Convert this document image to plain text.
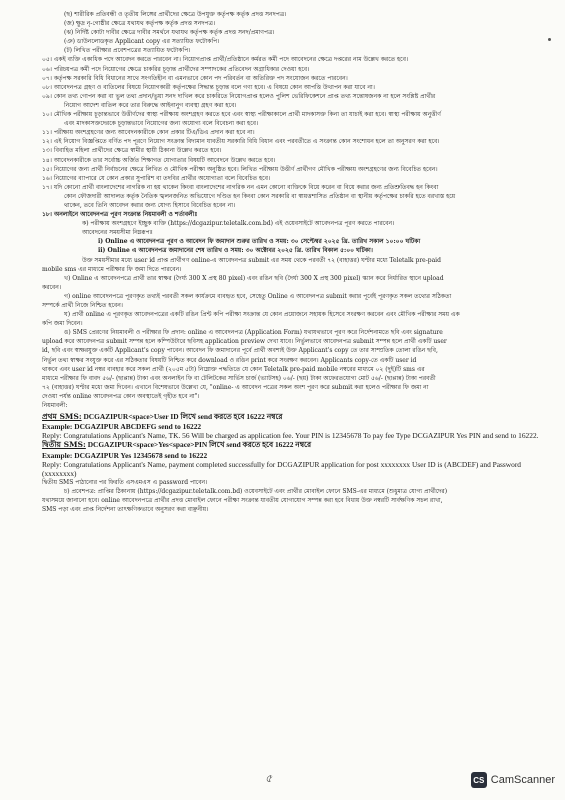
(ছ) শারীরিক প্রতিবন্ধী ও তৃতীয় লিঙ্গের প্রার্থীদের ক্ষেত্রে উপযুক্ত কর্তৃপক্ষ কর্তৃক প্রদত্ত সনদপত্র।
(জ) ক্ষুদ্র নৃ-গোষ্ঠীর ক্ষেত্রে যথাযথ কর্তৃপক্ষ কর্তৃক প্রদত্ত সনদপত্র।
(ঝ) নির্দিষ্ট কোটা দাবীর ক্ষেত্রে দাবীর সমর্থনে যথাযথ কর্তৃপক্ষ কর্তৃক প্রদত্ত সনদ/প্রমাণপত্র।
(ঞ) ডাউনলোডকৃত Applicant copy এর সত্যায়িত ফটোকপি।
(ট) লিখিত পরীক্ষার প্রবেশপত্রের সত্যায়িত ফটোকপি।
০৫। একই ব্যক্তি একাধিক পদে আবেদন করতে পারবেন না। নিয়োগপ্রাপ্ত প্রার্থী/প্রতিষ্ঠানে কর্মরত কর্মী পদে আবেদনের ক্ষেত্রে দপ্তরের নাম উল্লেখ করতে হবে।
০৬। পরিচয়পত্র কর্মী পদে নিয়োগের ক্ষেত্রে চাকরির চূড়ান্ত প্রার্থীদের সম্পাদকের প্রতিবেদন অগ্রাধিকার দেওয়া হবে।
০৭। কর্তৃপক্ষ সরকারি বিধি বিধানের সাথে সংগতিহীন বা এমনভাবে কোন পদ পরিবর্তন বা অতিরিক্ত পদ সংযোজন করতে পারবেন।
০৮। আবেদনপত্র গ্রহণ ও বাতিলের বিষয়ে নিয়োগকারী কর্তৃপক্ষের সিদ্ধান্ত চূড়ান্ত বলে গণ্য হবে। এ বিষয়ে কোন আপত্তি উত্থাপন করা যাবে না।
০৯। কোন তথ্য গোপন করা বা ভুল তথ্য প্রদান/ভুয়া সনদ দাখিল করে চাকরিতে নিয়োগপ্রাপ্ত হলেও পুলিশ ভেরিফিকেশনে প্রাপ্ত তথ্য সন্তোষজনক না হলে সংশ্লিষ্ট প্রার্থীর
নিয়োগ আদেশ বাতিল করে তার বিরুদ্ধে আইনানুগ ব্যবস্থা গ্রহণ করা হবে।
১০। মৌখিক পরীক্ষায় চূড়ান্তভাবে উত্তীর্ণদের স্বাস্থ্য পরীক্ষায় অংশগ্রহণ করতে হবে এবং স্বাস্থ্য পরীক্ষাকালে প্রার্থী মাদকাসক্ত কিনা তা যাচাই করা হবে। স্বাস্থ্য পরীক্ষায় অনুত্তীর্ণ
এবং মাদকাসক্তদেরকে চূড়ান্তভাবে নিয়োগের জন্য অযোগ্য বলে বিবেচনা করা হবে।
১১। পরীক্ষায় অংশগ্রহণের জন্য আবেদনকারীকে কোন প্রকার টিএ/ডিএ প্রদান করা হবে না।
১২। এই নিয়োগ বিজ্ঞপ্তিতে বর্ণিত পদ পূরণে নিয়োগ সংক্রান্ত বিদ্যমান যাবতীয় সরকারি বিধি বিধান এবং পরবর্তীতে এ সংক্রান্ত কোন সংশোধন হলে তা অনুসরণ করা হবে।
১৩। বিবাহিত মহিলা প্রার্থীদের ক্ষেত্রে স্বামীর স্থায়ী ঠিকানা উল্লেখ করতে হবে।
১৪। আবেদনকারীকে তার সর্বোচ্চ অর্জিত শিক্ষাগত যোগ্যতার বিষয়টি আবেদনে উল্লেখ করতে হবে।
১৫। নিয়োগের জন্য প্রার্থী নির্বাচনের ক্ষেত্রে লিখিত ও মৌখিক পরীক্ষা অনুষ্ঠিত হবে। লিখিত পরীক্ষায় উত্তীর্ণ প্রার্থীগণ মৌখিক পরীক্ষায় অংশগ্রহণের জন্য বিবেচিত হবেন।
১৬। নিয়োগের ব্যাপারে যে কোন প্রকার সুপারিশ বা তদবির প্রার্থীর অযোগ্যতা বলে বিবেচিত হবে।
১৭। যদি কোনো প্রার্থী বাংলাদেশের নাগরিক না হয় থাকেন কিংবা বাংলাদেশের নাগরিক নন এমন কোনো ব্যক্তিকে বিয়ে করেন বা বিয়ে করার জন্য প্রতিশ্রুতিবদ্ধ হন কিংবা
কোন ফৌজদারী আদালত কর্তৃক নৈতিক স্খলনজনিত অভিযোগে দণ্ডিত হন কিংবা কোন সরকারি বা স্বায়ত্তশাসিত প্রতিষ্ঠান বা স্থানীয় কর্তৃপক্ষের চাকরি হতে বরখাস্ত হয়ে
থাকেন, তবে তিনি আবেদন করার জন্য যোগ্য হিসাবে বিবেচিত হবেন না।
১৮। অনলাইনে আবেদনপত্র পূরণ সংক্রান্ত নিয়মাবলী ও শর্তাবলীঃ
ক) পরীক্ষায় অংশগ্রহণে ইচ্ছুক ব্যক্তি (https://dcgazipur.teletalk.com.bd) এই ওয়েবসাইটে আবেদনপত্র পূরণ করতে পারবেন।
আবেদনের সময়সীমা নিম্নরূপঃ
i) Online এ আবেদনপত্র পূরণ ও আবেদন ফি জমাদান শুরুর তারিখ ও সময়: ৩০ সেপ্টেম্বর ২০২৫ খ্রি. তারিখ সকাল ১০:০০ ঘটিকা
ii) Online এ আবেদনপত্র জমাদানের শেষ তারিখ ও সময়: ৩০ অক্টোবর ২০২৫ খ্রি. তারিখ বিকাল ৫:০০ ঘটিকা।
উক্ত সময়সীমার মধ্যে user id প্রাপ্ত প্রার্থীগণ online-এ আবেদনপত্র submit এর সময় থেকে পরবর্তী ৭২ (বাহাত্তর) ঘণ্টার মধ্যে Teletalk pre-paid
mobile sms এর মাধ্যমে পরীক্ষার ফি জমা দিতে পারবেন।
খ) Online এ আবেদনপত্রে প্রার্থী তার স্বাক্ষর (দৈর্ঘ্য 300 X প্রস্থ 80 pixel) এবং রঙিন ছবি (দৈর্ঘ্য 300 X প্রস্থ 300 pixel) স্ক্যান করে নির্ধারিত স্থানে upload
করবেন।
গ) online আবেদনপত্রে পূরণকৃত তথ্যই পরবর্তী সকল কার্যক্রমে ব্যবহৃত হবে, সেহেতু Online এ আবেদনপত্র submit করার পূর্বেই পূরণকৃত সকল তথ্যের সঠিকতা
সম্পর্কে প্রার্থী নিজে নিশ্চিত হবেন।
ঘ) প্রার্থী online এ পূরণকৃত আবেদনপত্রের একটি রঙিন প্রিন্ট কপি পরীক্ষা সংক্রান্ত যে কোন প্রয়োজনে সহায়ক হিসেবে সংরক্ষণ করবেন এবং মৌখিক পরীক্ষার সময় এক
কপি জমা দিবেন।
ঙ) SMS প্রেরণের নিয়মাবলী ও পরীক্ষার ফি প্রদান: online এ আবেদনপত্র (Application Form) যথাযথভাবে পূরণ করে নির্দেশনামতে ছবি এবং signature
upload করে আবেদনপত্র submit সম্পন্ন হলে কম্পিউটারে ছবিসহ application preview দেখা যাবে। নির্ভুলভাবে আবেদনপত্র submit সম্পন্ন হলে প্রার্থী একটি user
id, ছবি এবং স্বাক্ষরযুক্ত একটি Applicant's copy পাবেন। আবেদন ফি জমাদানের পূর্বে প্রার্থী অবশ্যই উক্ত Applicant's copy তে তার সাম্প্রতিক তোলা রঙিন ছবি,
নির্ভুল তথ্য স্বাক্ষর সংযুক্ত করে এর সঠিকতার বিষয়টি নিশ্চিত করে download ও রঙিন print করে সংরক্ষণ করবেন। Applicants copy-তে একটি user id
থাকবে এবং user id নম্বর ব্যবহার করে সকল প্রার্থী (২০৫ম ৫টা) নিম্নোক্ত পদ্ধতিতে যে কোন Teletalk pre-paid mobile নম্বরের মাধ্যমে ০২ (দুই)টি sms এর
মাধ্যমে পরীক্ষার ফি বাবদ ৫৬/- (ছাপ্পান্ন) টাকা এবং অনলাইন ফি বা টেলিটকের সার্ভিস চার্জ (ভ্যাটসহ) ০৬/- (ছয়) টাকা অফেরতযোগ্য মোট ৫৬/- (ছাপ্পান্ন) টাকা পরবর্তী
৭২ (বাহাত্তর) ঘণ্টার মধ্যে জমা দিবেন। এখানে বিশেষভাবে উল্লেখ্য যে, "online- এ আবেদন পত্রের সকল অংশ পূরণ করে submit করা হলেও পরীক্ষার ফি জমা না
দেওয়া পর্যন্ত online আবেদনপত্র কোন অবস্থাতেই গৃহীত হবে না"।
নিয়মাবলী:
প্রথম SMS: DCGAZIPUR<space>User ID লিখে send করতে হবে 16222 নম্বরে
Example: DCGAZIPUR ABCDEFG send to 16222
Reply: Congratulations Applicant's Name, TK. 56 Will be charged as application fee. Your PIN is 12345678 To pay fee Type DCGAZIPUR Yes PIN and send to 16222.
দ্বিতীয় SMS: DCGAZIPUR<space>Yes<space>PIN লিখে send করতে হবে 16222 নম্বরে
Example: DCGAZIPUR Yes 12345678 send to 16222
Reply: Congratulations Applicant's Name, payment completed successfully for DCGAZIPUR application for post xxxxxxxx User ID is (ABCDEF) and Password (xxxxxxxx)
দ্বিতীয় SMS পাঠানোর পর ফিরতি এসএমএস এ password পাবেন।
চ) প্রবেশপত্র: প্রাপ্তির ঠিকানায় (https://dcgazipur.teletalk.com.bd) ওয়েবসাইটে এবং প্রার্থীর মোবাইল ফোনে SMS-এর মাধ্যমে (শুধুমাত্র যোগ্য প্রার্থীদের)
যথাসময়ে জানানো হবে। online আবেদনপত্রে প্রার্থীর প্রদত্ত মোবাইল ফোনে পরীক্ষা সংক্রান্ত যাবতীয় যোগাযোগ সম্পন্ন করা হবে বিধায় উক্ত নম্বরটি সার্বক্ষণিক সচল রাখা,
SMS পড়া এবং প্রাপ্ত নির্দেশনা তাৎক্ষণিকভাবে অনুসরণ করা বাঞ্ছনীয়।
৫	CS CamScanner
